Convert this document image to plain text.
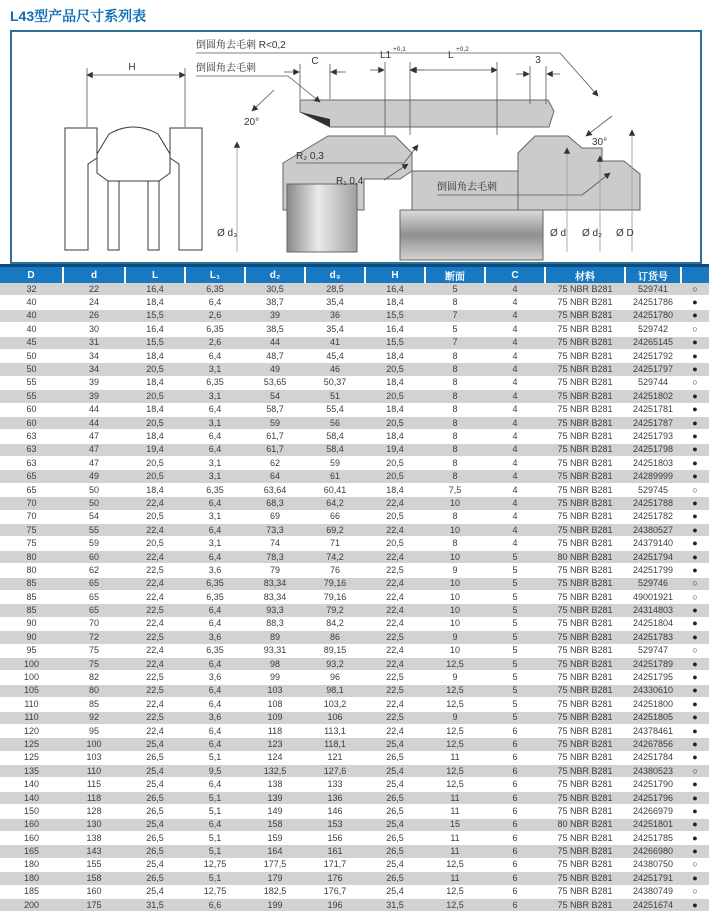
L43型产品尺寸系列表
H
倒圆角去毛刺 R<0,2
倒圆角去毛刺
C
L1
+0,1
L
+0,2
3
20°
30°
R₂ 0,3
R₁ 0,4
倒圆角去毛刺
Ø d₃	Ø d Ø d₂ Ø D
D	d	L	L₁	d₂	d₃	H	断面	C	材料	订货号	
32	22	16,4	6,35	30,5	28,5	16,4	5	4	75 NBR B281	529741	○
40	24	18,4	6,4	38,7	35,4	18,4	8	4	75 NBR B281	24251786	●
40	26	15,5	2,6	39	36	15,5	7	4	75 NBR B281	24251780	●
40	30	16,4	6,35	38,5	35,4	16,4	5	4	75 NBR B281	529742	○
45	31	15,5	2,6	44	41	15,5	7	4	75 NBR B281	24265145	●
50	34	18,4	6,4	48,7	45,4	18,4	8	4	75 NBR B281	24251792	●
50	34	20,5	3,1	49	46	20,5	8	4	75 NBR B281	24251797	●
55	39	18,4	6,35	53,65	50,37	18,4	8	4	75 NBR B281	529744	○
55	39	20,5	3,1	54	51	20,5	8	4	75 NBR B281	24251802	●
60	44	18,4	6,4	58,7	55,4	18,4	8	4	75 NBR B281	24251781	●
60	44	20,5	3,1	59	56	20,5	8	4	75 NBR B281	24251787	●
63	47	18,4	6,4	61,7	58,4	18,4	8	4	75 NBR B281	24251793	●
63	47	19,4	6,4	61,7	58,4	19,4	8	4	75 NBR B281	24251798	●
63	47	20,5	3,1	62	59	20,5	8	4	75 NBR B281	24251803	●
65	49	20,5	3,1	64	61	20,5	8	4	75 NBR B281	24289999	●
65	50	18,4	6,35	63,64	60,41	18,4	7,5	4	75 NBR B281	529745	○
70	50	22,4	6,4	68,3	64,2	22,4	10	4	75 NBR B281	24251788	●
70	54	20,5	3,1	69	66	20,5	8	4	75 NBR B281	24251782	●
75	55	22,4	6,4	73,3	69,2	22,4	10	4	75 NBR B281	24380527	●
75	59	20,5	3,1	74	71	20,5	8	4	75 NBR B281	24379140	●
80	60	22,4	6,4	78,3	74,2	22,4	10	5	80 NBR B281	24251794	●
80	62	22,5	3,6	79	76	22,5	9	5	75 NBR B281	24251799	●
85	65	22,4	6,35	83,34	79,16	22,4	10	5	75 NBR B281	529746	○
85	65	22,4	6,35	83,34	79,16	22,4	10	5	75 NBR B281	49001921	○
85	65	22,5	6,4	93,3	79,2	22,4	10	5	75 NBR B281	24314803	●
90	70	22,4	6,4	88,3	84,2	22,4	10	5	75 NBR B281	24251804	●
90	72	22,5	3,6	89	86	22,5	9	5	75 NBR B281	24251783	●
95	75	22,4	6,35	93,31	89,15	22,4	10	5	75 NBR B281	529747	○
100	75	22,4	6,4	98	93,2	22,4	12,5	5	75 NBR B281	24251789	●
100	82	22,5	3,6	99	96	22,5	9	5	75 NBR B281	24251795	●
105	80	22,5	6,4	103	98,1	22,5	12,5	5	75 NBR B281	24330610	●
110	85	22,4	6,4	108	103,2	22,4	12,5	5	75 NBR B281	24251800	●
110	92	22,5	3,6	109	106	22,5	9	5	75 NBR B281	24251805	●
120	95	22,4	6,4	118	113,1	22,4	12,5	6	75 NBR B281	24378461	●
125	100	25,4	6,4	123	118,1	25,4	12,5	6	75 NBR B281	24267856	●
125	103	26,5	5,1	124	121	26,5	11	6	75 NBR B281	24251784	●
135	110	25,4	9,5	132,5	127,6	25,4	12,5	6	75 NBR B281	24380523	○
140	115	25,4	6,4	138	133	25,4	12,5	6	75 NBR B281	24251790	●
140	118	26,5	5,1	139	136	26,5	11	6	75 NBR B281	24251796	●
150	128	26,5	5,1	149	146	26,5	11	6	75 NBR B281	24266979	●
160	130	25,4	6,4	158	153	25,4	15	6	80 NBR B281	24251801	●
160	138	26,5	5,1	159	156	26,5	11	6	75 NBR B281	24251785	●
165	143	26,5	5,1	164	161	26,5	11	6	75 NBR B281	24266980	●
180	155	25,4	12,75	177,5	171,7	25,4	12,5	6	75 NBR B281	24380750	○
180	158	26,5	5,1	179	176	26,5	11	6	75 NBR B281	24251791	●
185	160	25,4	12,75	182,5	176,7	25,4	12,5	6	75 NBR B281	24380749	○
200	175	31,5	6,6	199	196	31,5	12,5	6	75 NBR B281	24251674	●
